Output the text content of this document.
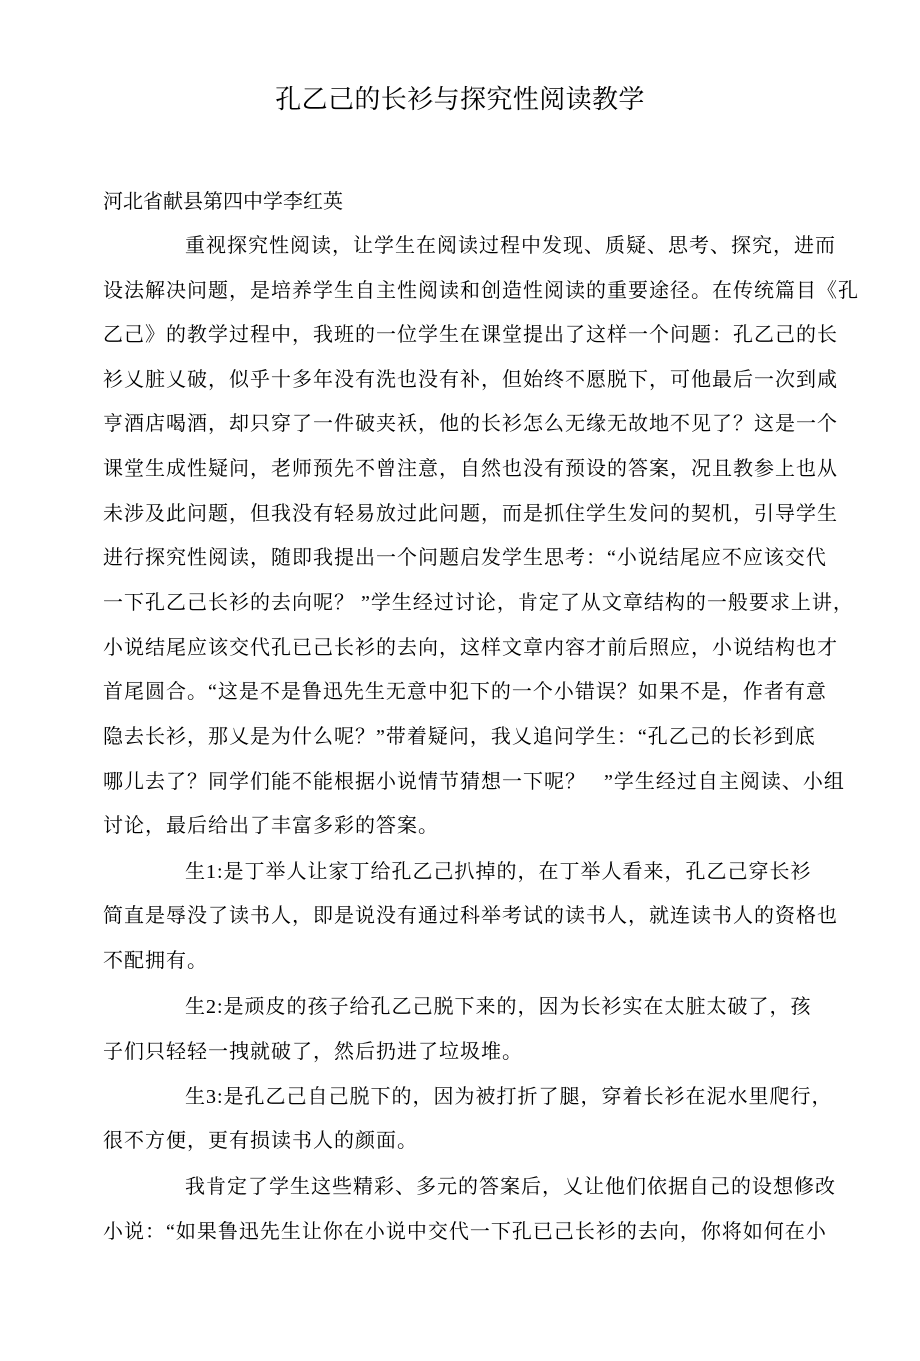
孔乙己的长衫与探究性阅读教学
河北省献县第四中学李红英
重视探究性阅读，让学生在阅读过程中发现、质疑、思考、探究，进而
设法解决问题，是培养学生自主性阅读和创造性阅读的重要途径。在传统篇目《孔
乙己》的教学过程中，我班的一位学生在课堂提出了这样一个问题：孔乙己的长
衫乂脏乂破，似乎十多年没有洗也没有补，但始终不愿脱下，可他最后一次到咸
亨酒店喝酒，却只穿了一件破夹袄，他的长衫怎么无缘无故地不见了？这是一个
课堂生成性疑问，老师预先不曾注意，自然也没有预设的答案，况且教参上也从
未涉及此问题，但我没有轻易放过此问题，而是抓住学生发问的契机，引导学生
进行探究性阅读，随即我提出一个问题启发学生思考：“小说结尾应不应该交代
一下孔乙己长衫的去向呢？ ”学生经过讨论，肯定了从文章结构的一般要求上讲，
小说结尾应该交代孔已己长衫的去向，这样文章内容才前后照应，小说结构也才
首尾圆合。“这是不是鲁迅先生无意中犯下的一个小错误？如果不是，作者有意
隐去长衫，那乂是为什么呢？”带着疑问，我乂追问学生：“孔乙己的长衫到底
哪儿去了？同学们能不能根据小说情节猜想一下呢？   ”学生经过自主阅读、小组
讨论，最后给出了丰富多彩的答案。
生1:是丁举人让家丁给孔乙己扒掉的，在丁举人看来，孔乙己穿长衫
简直是辱没了读书人，即是说没有通过科举考试的读书人，就连读书人的资格也
不配拥有。
生2:是顽皮的孩子给孔乙己脱下来的，因为长衫实在太脏太破了，孩
子们只轻轻一拽就破了，然后扔进了垃圾堆。
生3:是孔乙己自己脱下的，因为被打折了腿，穿着长衫在泥水里爬行，
很不方便，更有损读书人的颜面。
我肯定了学生这些精彩、多元的答案后，乂让他们依据自己的设想修改
小说：“如果鲁迅先生让你在小说中交代一下孔已己长衫的去向，你将如何在小
